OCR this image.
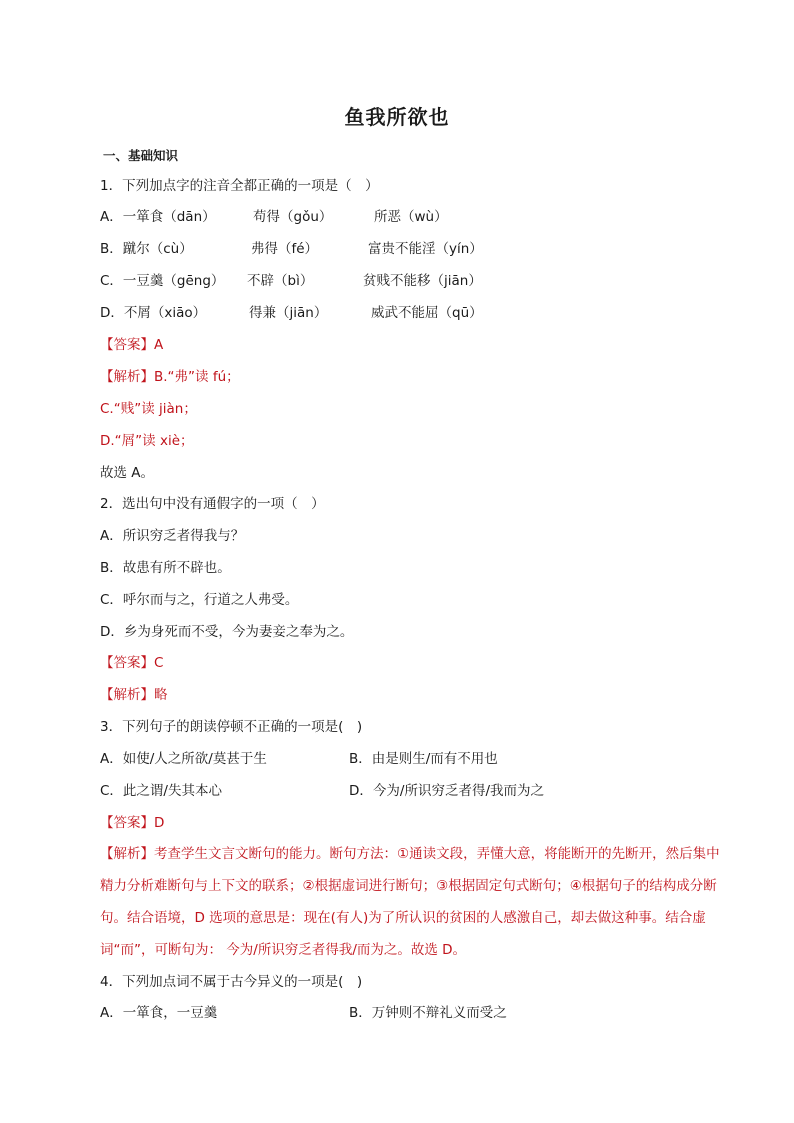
鱼我所欲也
一、基础知识
1．下列加点字的注音全都正确的一项是（　）
A．一箪食（dān）	苟得（gǒu）	所恶（wù）
B．蹴尔（cù）	弗得（fé）	富贵不能淫（yín）
C．一豆羹（gēng） 不辟（bì）	贫贱不能移（jiān）
D．不屑（xiāo）	得兼（jiān）	威武不能屈（qū）
【答案】A
【解析】B.“弗”读 fú；
C.“贱”读 jiàn；
D.“屑”读 xiè；
故选 A。
2．选出句中没有通假字的一项（　）
A．所识穷乏者得我与？
B．故患有所不辟也。
C．呼尔而与之，行道之人弗受。
D．乡为身死而不受，今为妻妾之奉为之。
【答案】C
【解析】略
3．下列句子的朗读停顿不正确的一项是(　)
A．如使/人之所欲/莫甚于生	B．由是则生/而有不用也
C．此之谓/失其本心	D．今为/所识穷乏者得/我而为之
【答案】D
【解析】考查学生文言文断句的能力。断句方法：①通读文段，弄懂大意，将能断开的先断开，然后集中精力分析难断句与上下文的联系；②根据虚词进行断句；③根据固定句式断句；④根据句子的结构成分断句。结合语境，D 选项的意思是：现在(有人)为了所认识的贫困的人感激自己，却去做这种事。结合虚词“而”，可断句为： 今为/所识穷乏者得我/而为之。故选 D。
4．下列加点词不属于古今异义的一项是(　)
A．一箪食，一豆羹	B．万钟则不辩礼义而受之
